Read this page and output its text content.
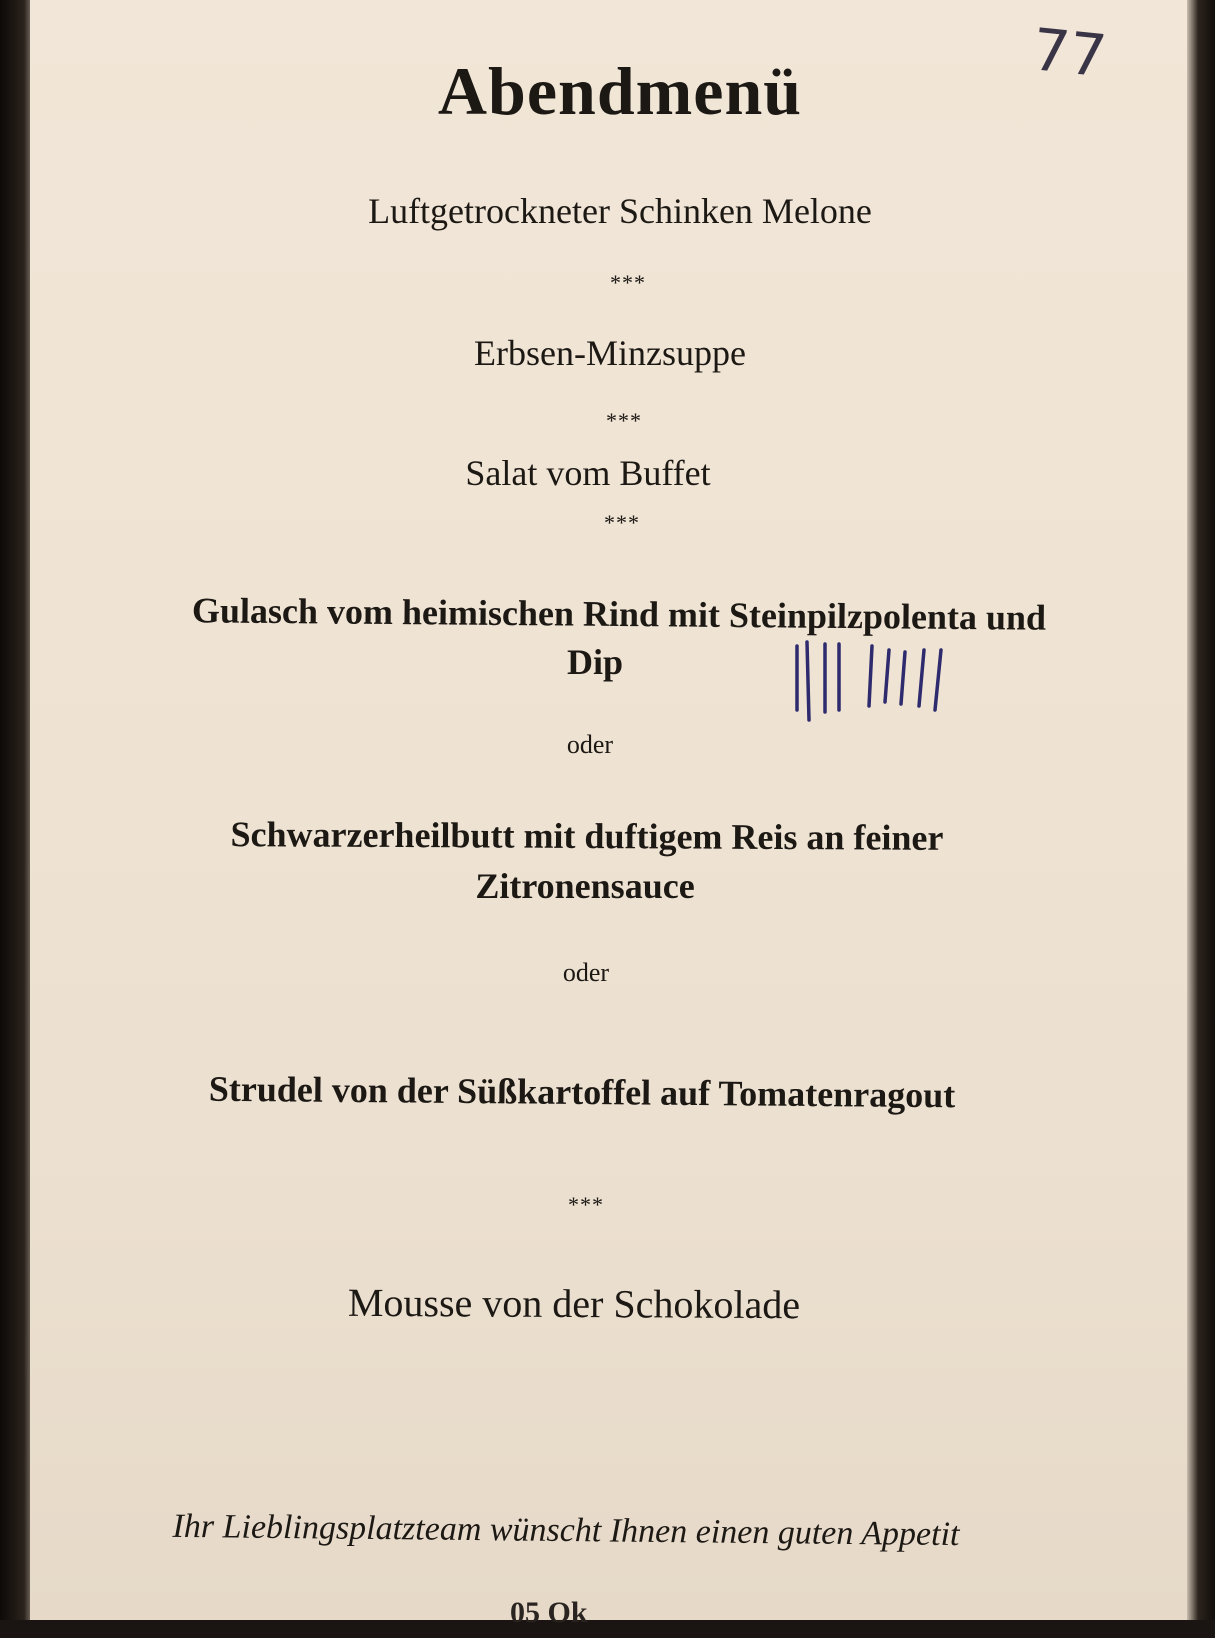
Abendmenü
Luftgetrockneter Schinken Melone
***
Erbsen-Minzsuppe
***
Salat vom Buffet
***
Gulasch vom heimischen Rind mit Steinpilzpolenta und
Dip
oder
Schwarzerheilbutt mit duftigem Reis an feiner
Zitronensauce
oder
Strudel von der Süßkartoffel auf Tomatenragout
***
Mousse von der Schokolade
Ihr Lieblingsplatzteam wünscht Ihnen einen guten Appetit
05 Ok
77
